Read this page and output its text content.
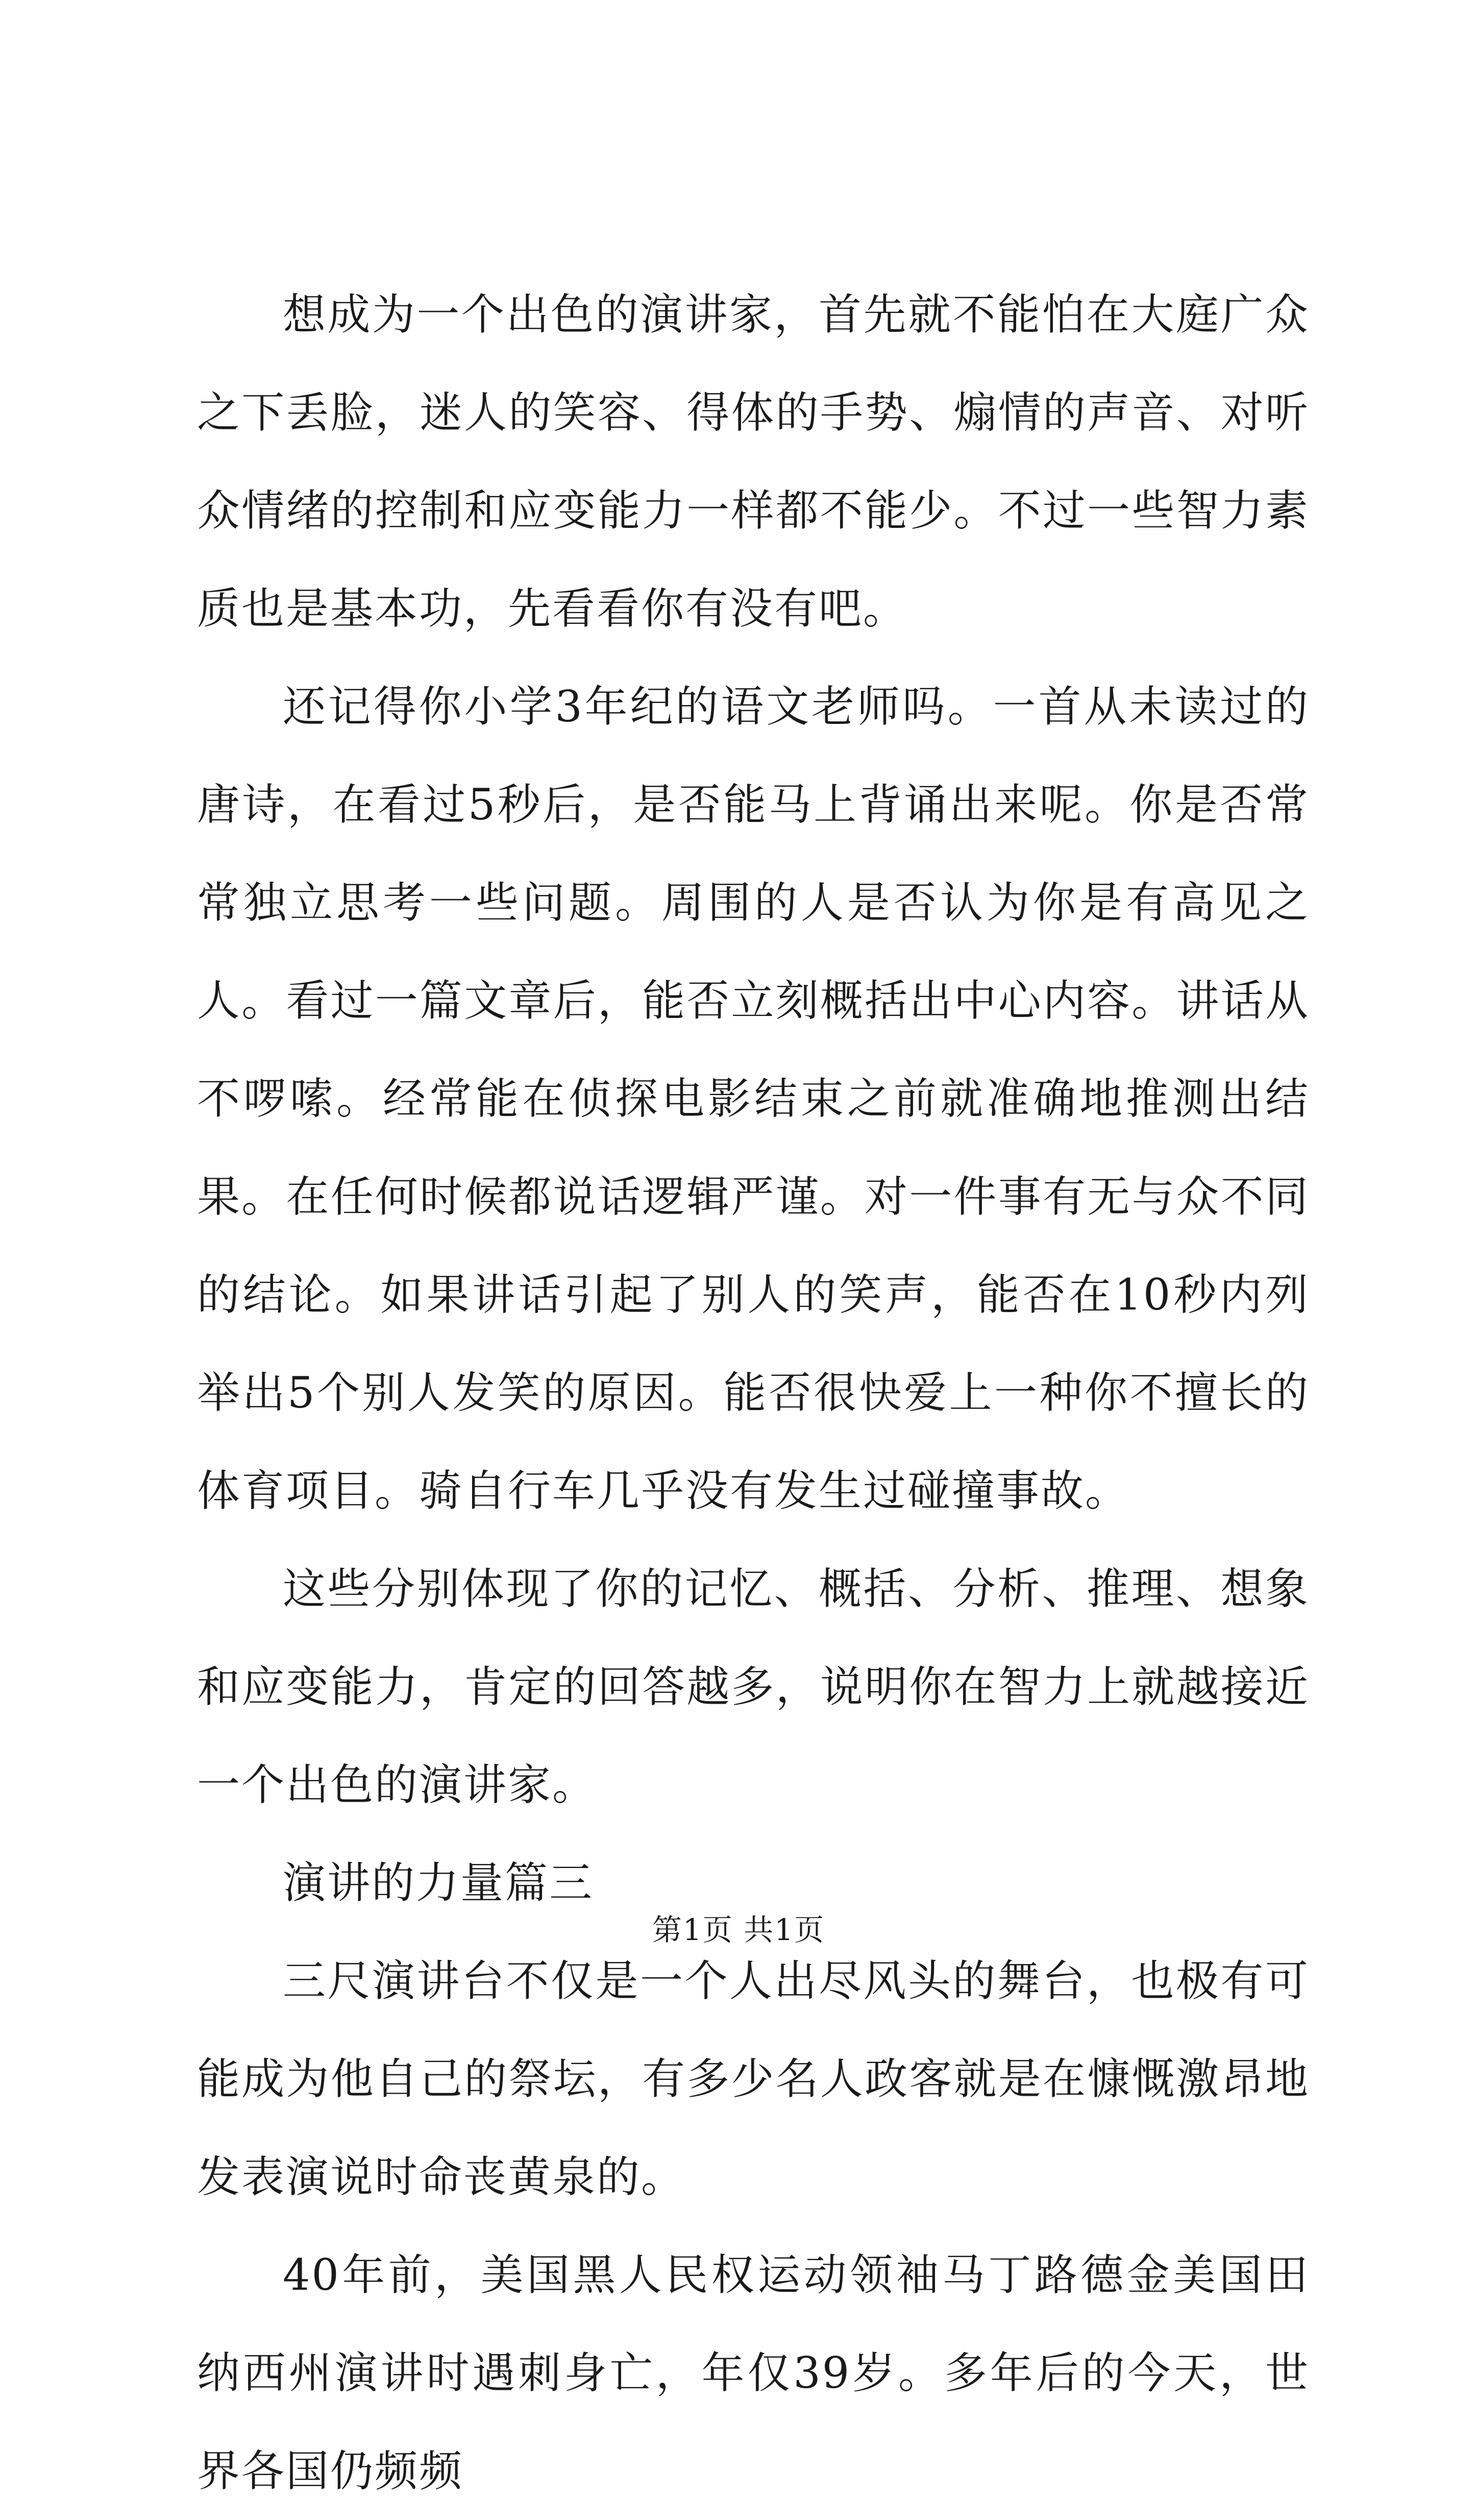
想成为一个出色的演讲家，首先就不能怕在大庭广众之下丢脸，迷人的笑容、得体的手势、煽情的声音、对听众情绪的控制和应变能力一样都不能少。不过一些智力素质也是基本功，先看看你有没有吧。

还记得你小学3年纪的语文老师吗。一首从未读过的唐诗，在看过5秒后，是否能马上背诵出来呢。你是否常常独立思考一些问题。周围的人是否认为你是有高见之人。看过一篇文章后，能否立刻概括出中心内容。讲话从不啰嗦。经常能在侦探电影结束之前就准确地推测出结果。在任何时候都说话逻辑严谨。对一件事有无与众不同的结论。如果讲话引起了别人的笑声，能否在10秒内列举出5个别人发笑的原因。能否很快爱上一种你不擅长的体育项目。骑自行车几乎没有发生过碰撞事故。

这些分别体现了你的记忆、概括、分析、推理、想象和应变能力，肯定的回答越多，说明你在智力上就越接近一个出色的演讲家。

演讲的力量篇三

三尺演讲台不仅是一个人出尽风头的舞台，也极有可能成为他自己的祭坛，有多少名人政客就是在慷慨激昂地发表演说时命丧黄泉的。

40年前，美国黑人民权运动领袖马丁路德金美国田纳西州演讲时遇刺身亡，年仅39岁。多年后的今天，世界各国仍频频

第1页 共1页
